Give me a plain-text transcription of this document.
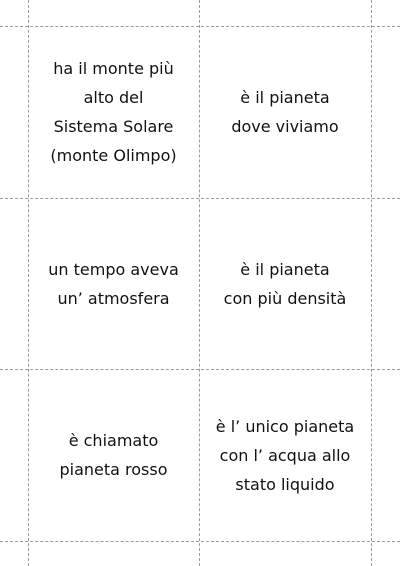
ha il monte più
alto del
Sistema Solare
(monte Olimpo)
è il pianeta
dove viviamo
un tempo aveva
un’ atmosfera
è il pianeta
con più densità
è chiamato
pianeta rosso
è l’ unico pianeta
con l’ acqua allo
stato liquido
